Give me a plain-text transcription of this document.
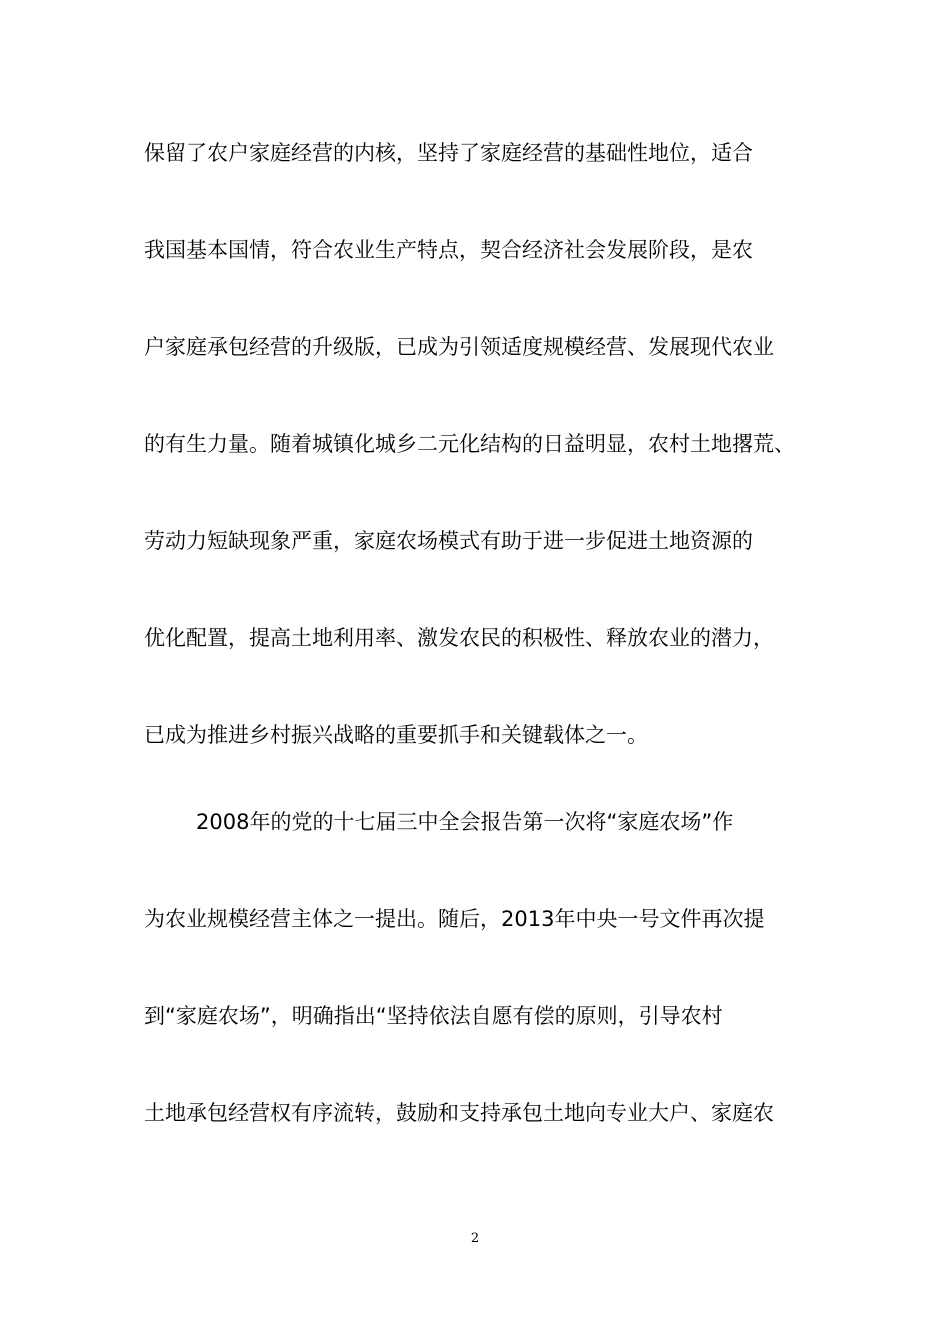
保留了农户家庭经营的内核，坚持了家庭经营的基础性地位，适合
我国基本国情，符合农业生产特点，契合经济社会发展阶段，是农
户家庭承包经营的升级版，已成为引领适度规模经营、发展现代农业
的有生力量。随着城镇化城乡二元化结构的日益明显，农村土地撂荒、
劳动力短缺现象严重，家庭农场模式有助于进一步促进土地资源的
优化配置，提高土地利用率、激发农民的积极性、释放农业的潜力，
已成为推进乡村振兴战略的重要抓手和关键载体之一。
2008年的党的十七届三中全会报告第一次将“家庭农场”作
为农业规模经营主体之一提出。随后，2013年中央一号文件再次提
到“家庭农场”，明确指出“坚持依法自愿有偿的原则，引导农村
土地承包经营权有序流转，鼓励和支持承包土地向专业大户、家庭农
2
